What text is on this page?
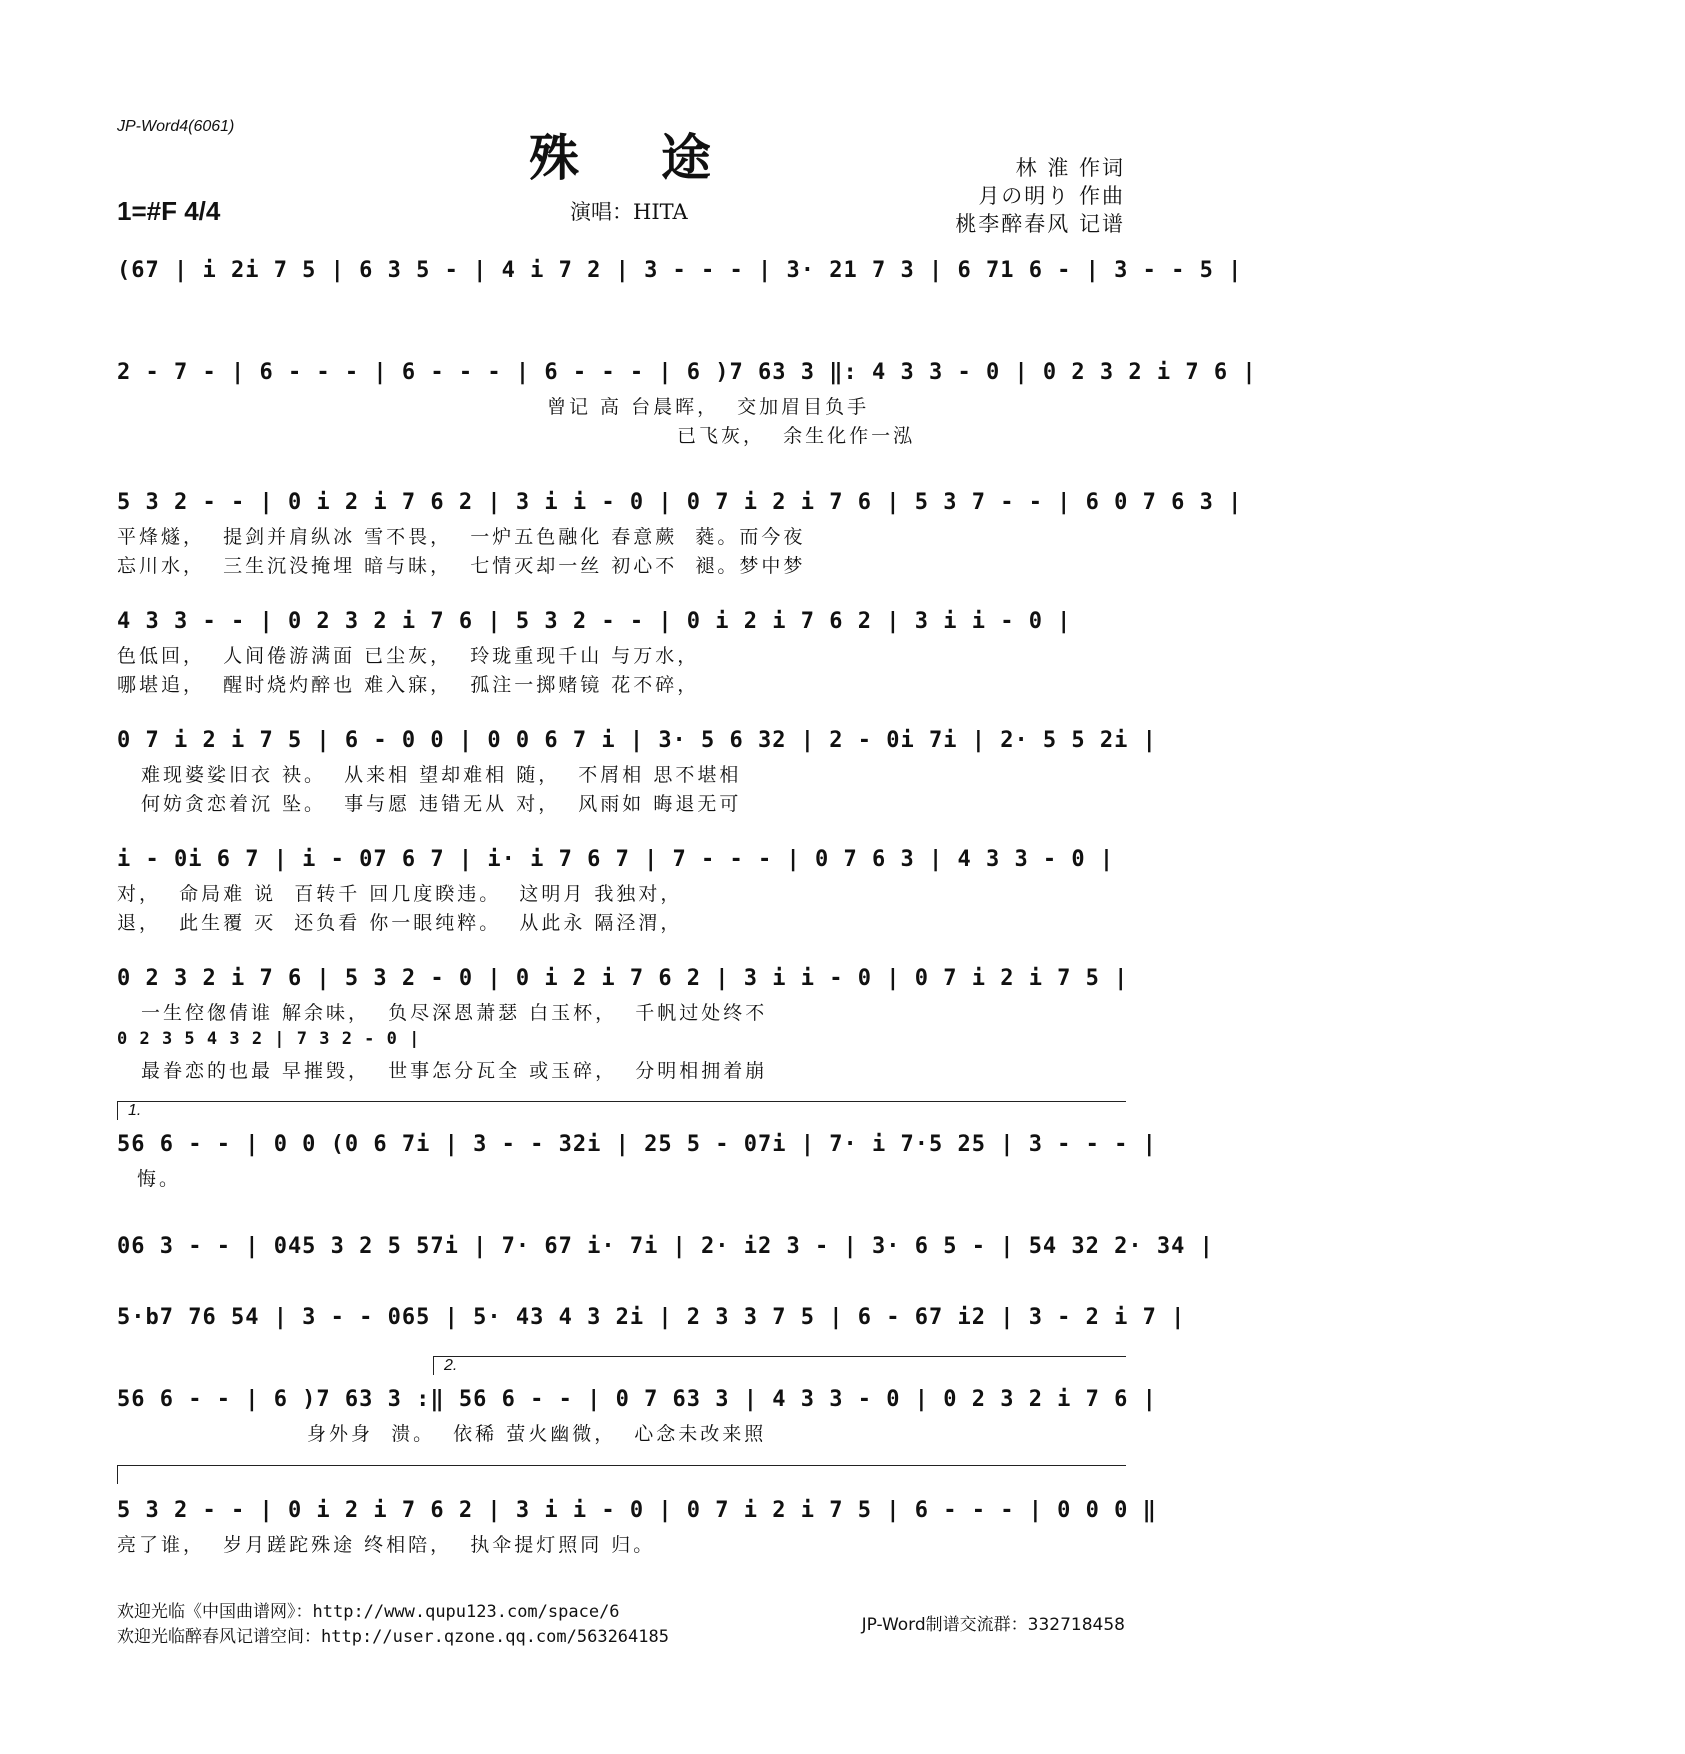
JP-Word4(6061)
殊途
1=#F 4/4	演唱：HITA
林 淮 作词
月の明り 作曲
桃李醉春风 记谱
(67 | i 2i 7 5 | 6 3 5 - | 4 i 7 2 | 3 - - - | 3· 21 7 3 | 6 71 6 - | 3 - - 5 |
2 - 7 - | 6 - - - | 6 - - - | 6 - - - | 6 )7 63 3 ‖: 4 3 3 - 0 | 0 2 3 2 i 7 6 |
曾记 高 台晨晖，  交加眉目负手
已飞灰，  余生化作一泓
5 3 2 - - | 0 i 2 i 7 6 2 | 3 i i - 0 | 0 7 i 2 i 7 6 | 5 3 7 - - | 6 0 7 6 3 |
平烽燧，  提剑并肩纵冰 雪不畏，  一炉五色融化 春意蕨  蕤。而今夜
忘川水，  三生沉没掩埋 暗与昧，  七情灭却一丝 初心不  褪。梦中梦
4 3 3 - - | 0 2 3 2 i 7 6 | 5 3 2 - - | 0 i 2 i 7 6 2 | 3 i i - 0 |
色低回，  人间倦游满面 已尘灰，  玲珑重现千山 与万水，
哪堪追，  醒时烧灼醉也 难入寐，  孤注一掷赌镜 花不碎，
0 7 i 2 i 7 5 | 6 - 0 0 | 0 0 6 7 i | 3· 5 6 32 | 2 - 0i 7i | 2· 5 5 2i |
难现婆娑旧衣 袂。  从来相 望却难相 随，  不屑相 思不堪相
何妨贪恋着沉 坠。  事与愿 违错无从 对，  风雨如 晦退无可
i - 0i 6 7 | i - 07 6 7 | i· i 7 6 7 | 7 - - - | 0 7 6 3 | 4 3 3 - 0 |
对，  命局难 说  百转千 回几度睽违。  这明月 我独对，
退，  此生覆 灭  还负看 你一眼纯粹。  从此永 隔泾渭，
0 2 3 2 i 7 6 | 5 3 2 - 0 | 0 i 2 i 7 6 2 | 3 i i - 0 | 0 7 i 2 i 7 5 |
一生倥偬倩谁 解余味，  负尽深恩萧瑟 白玉杯，  千帆过处终不
0 2 3 5 4 3 2 | 7 3 2 - 0 |
最眷恋的也最 早摧毁，  世事怎分瓦全 或玉碎，  分明相拥着崩
1.
56 6 - - | 0 0 (0 6 7i | 3 - - 32i | 25 5 - 07i | 7· i 7·5 25 | 3 - - - |
悔。
06 3 - - | 045 3 2 5 57i | 7· 67 i· 7i | 2· i2 3 - | 3· 6 5 - | 54 32 2· 34 |
5·b7 76 54 | 3 - - 065 | 5· 43 4 3 2i | 2 3 3 7 5 | 6 - 67 i2 | 3 - 2 i 7 |
2.
56 6 - - | 6 )7 63 3 :‖ 56 6 - - | 0 7 63 3 | 4 3 3 - 0 | 0 2 3 2 i 7 6 |
身外身  溃。  依稀 萤火幽微，  心念未改来照
5 3 2 - - | 0 i 2 i 7 6 2 | 3 i i - 0 | 0 7 i 2 i 7 5 | 6 - - - | 0 0 0 ‖
亮了谁，  岁月蹉跎殊途 终相陪，  执伞提灯照同 归。
欢迎光临《中国曲谱网》：http://www.qupu123.com/space/6
欢迎光临醉春风记谱空间：http://user.qzone.qq.com/563264185
JP-Word制谱交流群：332718458
